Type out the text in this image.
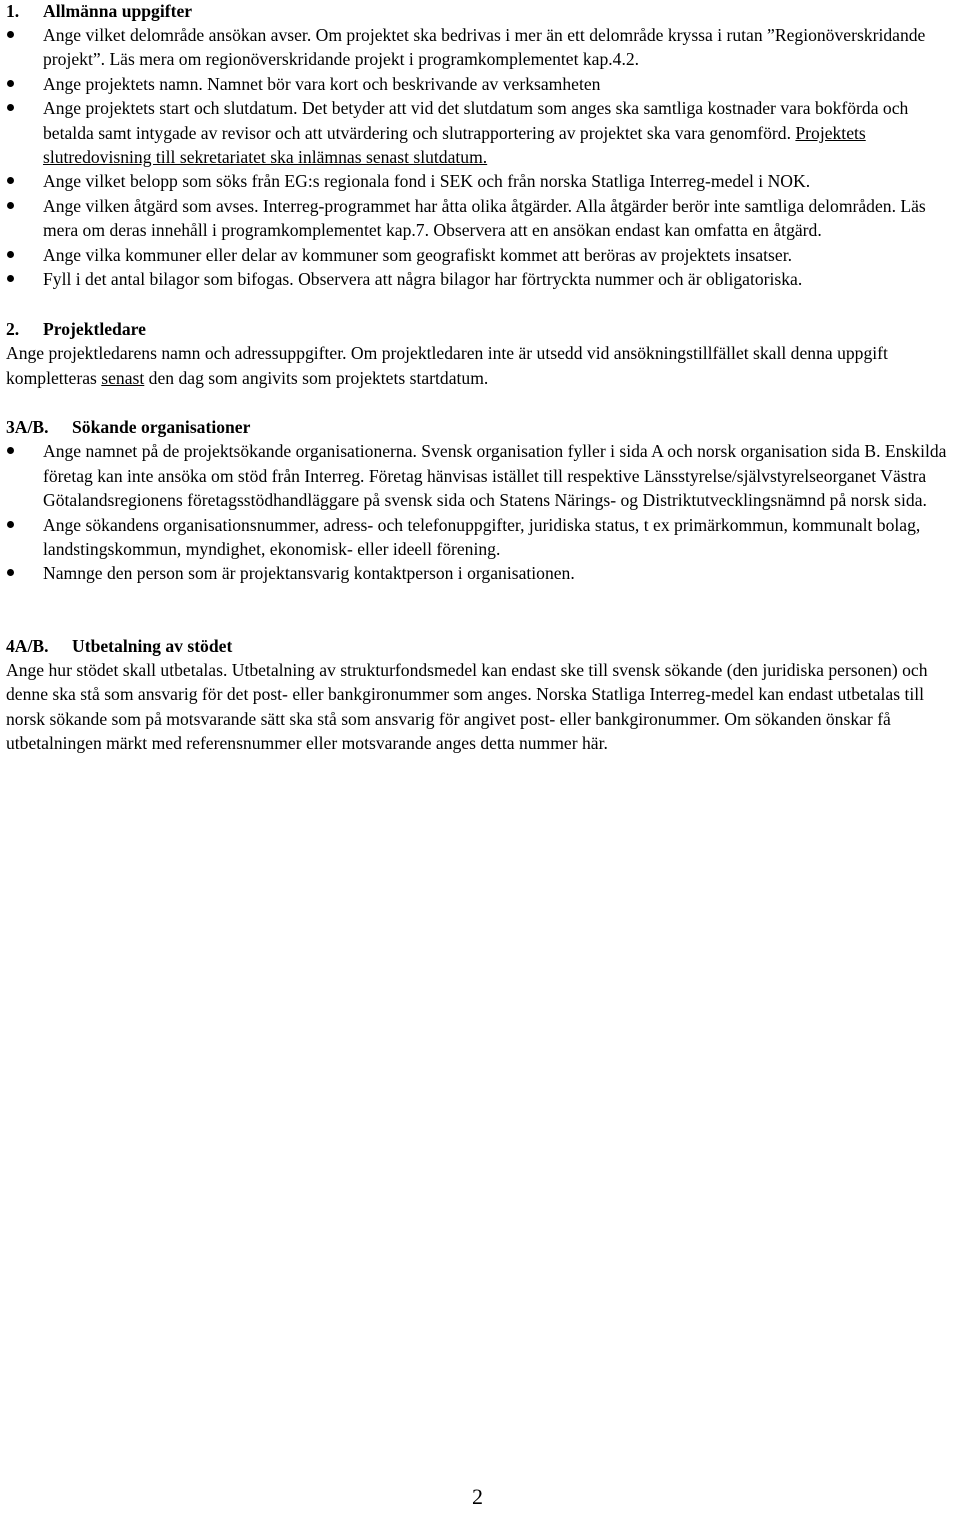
1.	Allmänna uppgifter
Ange vilket delområde ansökan avser. Om projektet ska bedrivas i mer än ett delområde kryssa i rutan ”Regionöverskridande projekt”. Läs mera om regionöverskridande projekt i programkomplementet kap.4.2.
Ange projektets namn. Namnet bör vara kort och beskrivande av verksamheten
Ange projektets start och slutdatum. Det betyder att vid det slutdatum som anges ska samtliga kostnader vara bokförda och betalda samt intygade av revisor och att utvärdering och slutrapportering av projektet ska vara genomförd. Projektets slutredovisning till sekretariatet ska inlämnas senast slutdatum.
Ange vilket belopp som söks från EG:s regionala fond i SEK och från norska Statliga Interreg-medel i NOK.
Ange vilken åtgärd som avses. Interreg-programmet har åtta olika åtgärder. Alla åtgärder berör inte samtliga delområden. Läs mera om deras innehåll i programkomplementet kap.7. Observera att en ansökan endast kan omfatta en åtgärd.
Ange vilka kommuner eller delar av kommuner som geografiskt kommet att beröras av projektets insatser.
Fyll i det antal bilagor som bifogas. Observera att några bilagor har förtryckta nummer och är obligatoriska.
2.	Projektledare

Ange projektledarens namn och adressuppgifter. Om projektledaren inte är utsedd vid ansökningstillfället skall denna uppgift kompletteras senast den dag som angivits som projektets startdatum.

3A/B.	Sökande organisationer
Ange namnet på de projektsökande organisationerna. Svensk organisation fyller i sida A och norsk organisation sida B. Enskilda företag kan inte ansöka om stöd från Interreg. Företag hänvisas istället till respektive Länsstyrelse/självstyrelseorganet Västra Götalandsregionens företagsstödhandläggare på svensk sida och Statens Närings- og Distriktutvecklingsnämnd på norsk sida.
Ange sökandens organisationsnummer, adress- och telefonuppgifter, juridiska status, t ex primärkommun, kommunalt bolag, landstingskommun, myndighet, ekonomisk- eller ideell förening.
Namnge den person som är projektansvarig kontaktperson i organisationen.
4A/B.	Utbetalning av stödet

Ange hur stödet skall utbetalas. Utbetalning av strukturfondsmedel kan endast ske till svensk sökande (den juridiska personen) och denne ska stå som ansvarig för det post- eller bankgironummer som anges. Norska Statliga Interreg-medel kan endast utbetalas till norsk sökande som på motsvarande sätt ska stå som ansvarig för angivet post- eller bankgironummer. Om sökanden önskar få utbetalningen märkt med referensnummer eller motsvarande anges detta nummer här.

2
